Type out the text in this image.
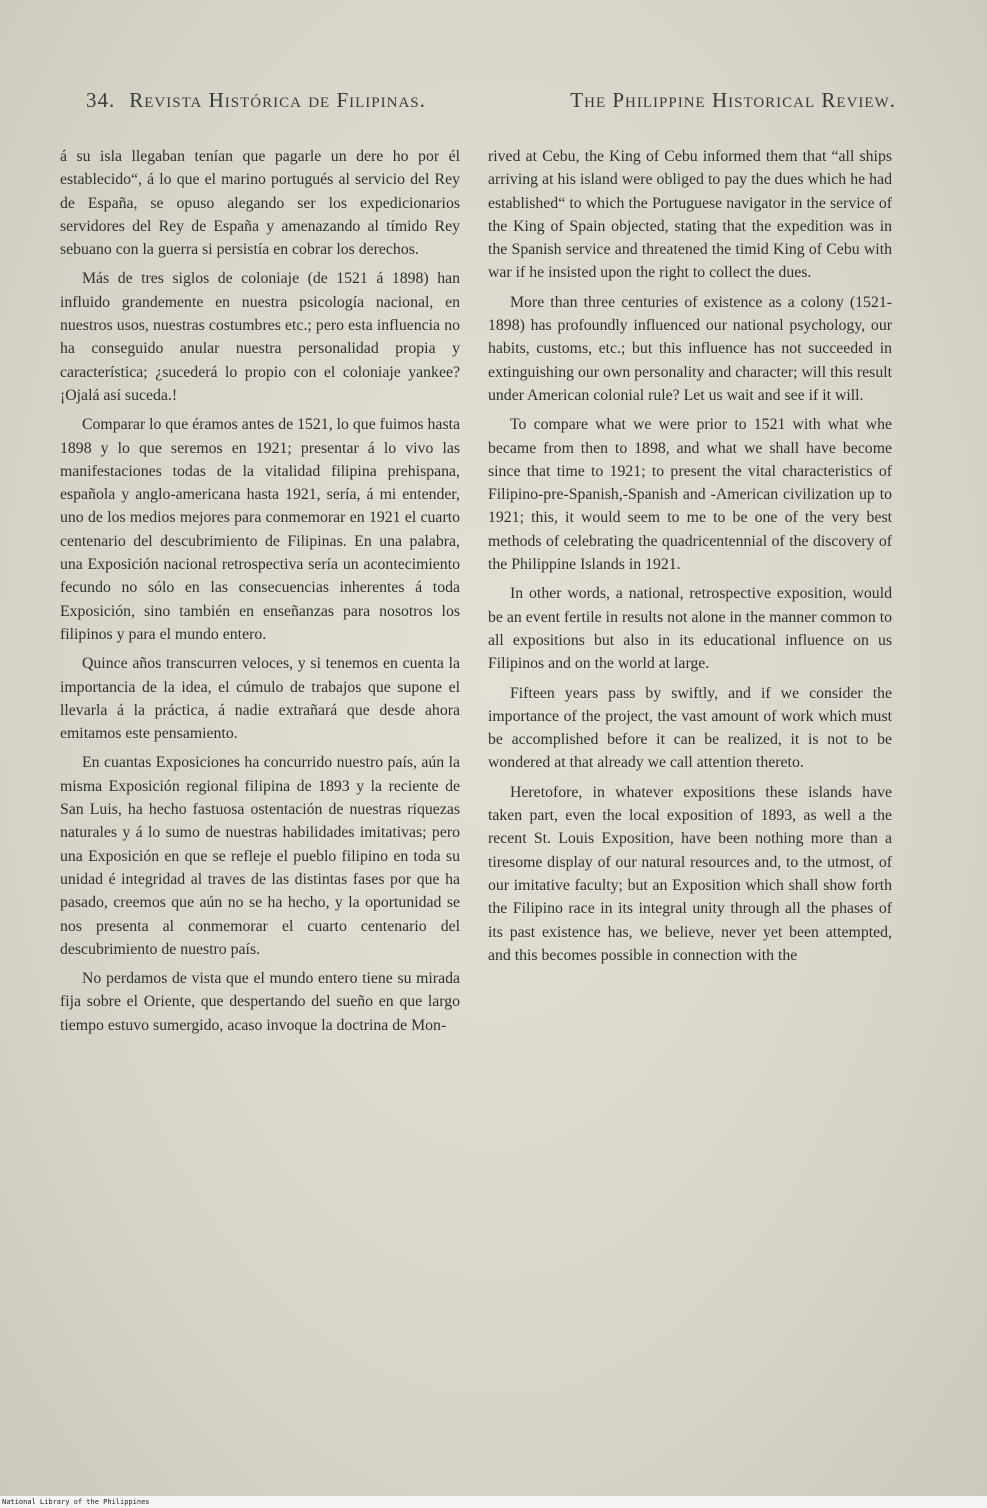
34. Revista Histórica de Filipinas.	The Philippine Historical Review.

á su isla llegaban tenían que pagarle un dere ho por él establecido“, á lo que el marino portugués al servicio del Rey de España, se opuso alegando ser los expedicionarios servidores del Rey de España y amenazando al tímido Rey sebuano con la guerra si persistía en cobrar los derechos.

Más de tres siglos de coloniaje (de 1521 á 1898) han influido grandemente en nuestra psicología nacional, en nuestros usos, nuestras costumbres etc.; pero esta influencia no ha conseguido anular nuestra personalidad propia y característica; ¿sucederá lo propio con el coloniaje yankee? ¡Ojalá así suceda.!

Comparar lo que éramos antes de 1521, lo que fuimos hasta 1898 y lo que seremos en 1921; presentar á lo vivo las manifestaciones todas de la vitalidad filipina prehispana, española y anglo-americana hasta 1921, sería, á mi entender, uno de los medios mejores para conmemorar en 1921 el cuarto centenario del descubrimiento de Filipinas. En una palabra, una Exposición nacional retrospectiva sería un acontecimiento fecundo no sólo en las consecuencias inherentes á toda Exposición, sino también en enseñanzas para nosotros los filipinos y para el mundo entero.

Quince años transcurren veloces, y si tenemos en cuenta la importancia de la idea, el cúmulo de trabajos que supone el llevarla á la práctica, á nadie extrañará que desde ahora emitamos este pensamiento.

En cuantas Exposiciones ha concurrido nuestro país, aún la misma Exposición regional filipina de 1893 y la reciente de San Luis, ha hecho fastuosa ostentación de nuestras riquezas naturales y á lo sumo de nuestras habilidades imitativas; pero una Exposición en que se refleje el pueblo filipino en toda su unidad é integridad al traves de las distintas fases por que ha pasado, creemos que aún no se ha hecho, y la oportunidad se nos presenta al conmemorar el cuarto centenario del descubrimiento de nuestro país.

No perdamos de vista que el mundo entero tiene su mirada fija sobre el Oriente, que despertando del sueño en que largo tiempo estuvo sumergido, acaso invoque la doctrina de Mon-

rived at Cebu, the King of Cebu informed them that “all ships arriving at his island were obliged to pay the dues which he had established“ to which the Portuguese navigator in the service of the King of Spain objected, stating that the expedition was in the Spanish service and threatened the timid King of Cebu with war if he insisted upon the right to collect the dues.

More than three centuries of existence as a colony (1521-1898) has profoundly influenced our national psychology, our habits, customs, etc.; but this influence has not succeeded in extinguishing our own personality and character; will this result under American colonial rule? Let us wait and see if it will.

To compare what we were prior to 1521 with what whe became from then to 1898, and what we shall have become since that time to 1921; to present the vital characteristics of Filipino-pre-Spanish,-Spanish and -American civilization up to 1921; this, it would seem to me to be one of the very best methods of celebrating the quadricentennial of the discovery of the Philippine Islands in 1921.

In other words, a national, retrospective exposition, would be an event fertile in results not alone in the manner common to all expositions but also in its educational influence on us Filipinos and on the world at large.

Fifteen years pass by swiftly, and if we consider the importance of the project, the vast amount of work which must be accomplished before it can be realized, it is not to be wondered at that already we call attention thereto.

Heretofore, in whatever expositions these islands have taken part, even the local exposition of 1893, as well a the recent St. Louis Exposition, have been nothing more than a tiresome display of our natural resources and, to the utmost, of our imitative faculty; but an Exposition which shall show forth the Filipino race in its integral unity through all the phases of its past existence has, we believe, never yet been attempted, and this becomes possible in connection with the

National Library of the Philippines
